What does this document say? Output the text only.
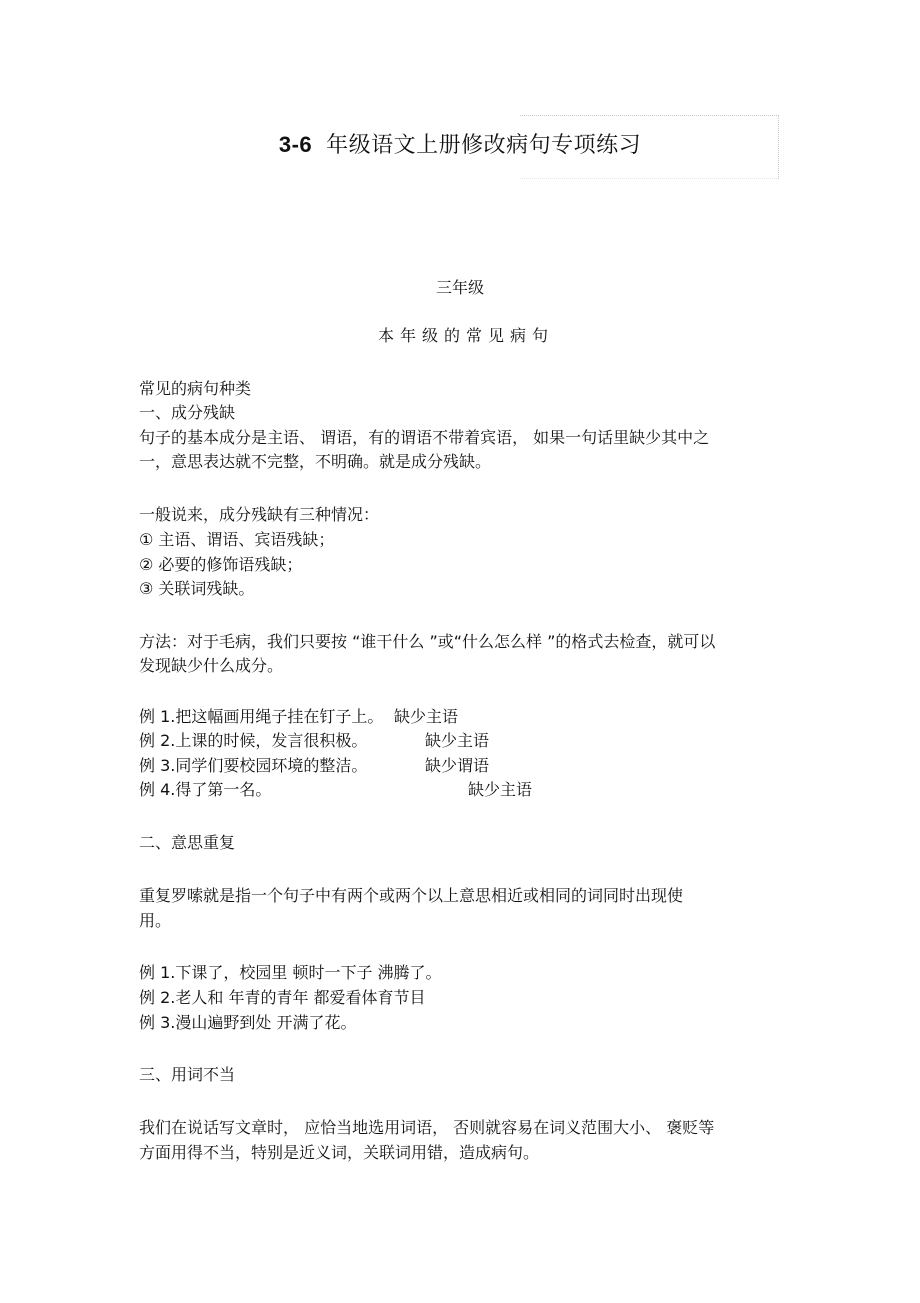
3-6 年级语文上册修改病句专项练习
三年级
本年级的常见病句
常见的病句种类
一、成分残缺
句子的基本成分是主语、 谓语，有的谓语不带着宾语， 如果一句话里缺少其中之
一，意思表达就不完整，不明确。就是成分残缺。
一般说来，成分残缺有三种情况：
① 主语、谓语、宾语残缺；
② 必要的修饰语残缺；
③ 关联词残缺。
方法：对于毛病，我们只要按 “谁干什么 ”或“什么怎么样 ”的格式去检查，就可以
发现缺少什么成分。
例 1.把这幅画用绳子挂在钉子上。 缺少主语
例 2.上课的时候，发言很积极。	缺少主语
例 3.同学们要校园环境的整洁。	缺少谓语
例 4.得了第一名。	缺少主语
二、意思重复
重复罗嗦就是指一个句子中有两个或两个以上意思相近或相同的词同时出现使
用。
例 1.下课了，校园里 顿时一下子 沸腾了。
例 2.老人和 年青的青年 都爱看体育节目
例 3.漫山遍野到处 开满了花。
三、用词不当
我们在说话写文章时， 应恰当地选用词语， 否则就容易在词义范围大小、 褒贬等
方面用得不当，特别是近义词，关联词用错，造成病句。
